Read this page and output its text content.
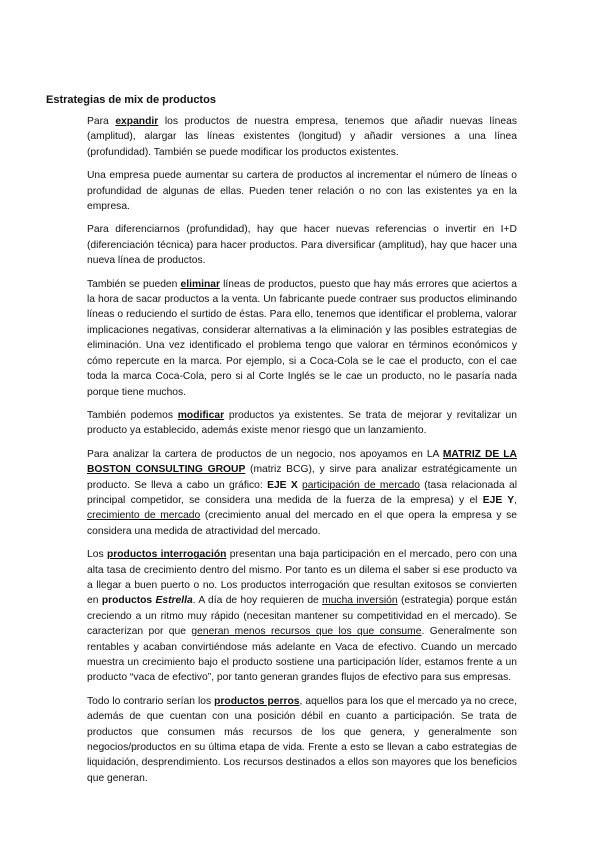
Estrategias de mix de productos

Para expandir los productos de nuestra empresa, tenemos que añadir nuevas líneas (amplitud), alargar las líneas existentes (longitud) y añadir versiones a una línea (profundidad). También se puede modificar los productos existentes.

Una empresa puede aumentar su cartera de productos al incrementar el número de líneas o profundidad de algunas de ellas. Pueden tener relación o no con las existentes ya en la empresa.

Para diferenciarnos (profundidad), hay que hacer nuevas referencias o invertir en I+D (diferenciación técnica) para hacer productos. Para diversificar (amplitud), hay que hacer una nueva línea de productos.

También se pueden eliminar líneas de productos, puesto que hay más errores que aciertos a la hora de sacar productos a la venta. Un fabricante puede contraer sus productos eliminando líneas o reduciendo el surtido de éstas. Para ello, tenemos que identificar el problema, valorar implicaciones negativas, considerar alternativas a la eliminación y las posibles estrategias de eliminación. Una vez identificado el problema tengo que valorar en términos económicos y cómo repercute en la marca. Por ejemplo, si a Coca-Cola se le cae el producto, con el cae toda la marca Coca-Cola, pero si al Corte Inglés se le cae un producto, no le pasaría nada porque tiene muchos.

También podemos modificar productos ya existentes. Se trata de mejorar y revitalizar un producto ya establecido, además existe menor riesgo que un lanzamiento.

Para analizar la cartera de productos de un negocio, nos apoyamos en LA MATRIZ DE LA BOSTON CONSULTING GROUP (matriz BCG), y sirve para analizar estratégicamente un producto. Se lleva a cabo un gráfico: EJE X participación de mercado (tasa relacionada al principal competidor, se considera una medida de la fuerza de la empresa) y el EJE Y, crecimiento de mercado (crecimiento anual del mercado en el que opera la empresa y se considera una medida de atractividad del mercado.

Los productos interrogación presentan una baja participación en el mercado, pero con una alta tasa de crecimiento dentro del mismo. Por tanto es un dilema el saber si ese producto va a llegar a buen puerto o no. Los productos interrogación que resultan exitosos se convierten en productos Estrella. A día de hoy requieren de mucha inversión (estrategia) porque están creciendo a un ritmo muy rápido (necesitan mantener su competitividad en el mercado). Se caracterizan por que generan menos recursos que los que consume. Generalmente son rentables y acaban convirtiéndose más adelante en Vaca de efectivo. Cuando un mercado muestra un crecimiento bajo el producto sostiene una participación líder, estamos frente a un producto “vaca de efectivo”, por tanto generan grandes flujos de efectivo para sus empresas.

Todo lo contrario serían los productos perros, aquellos para los que el mercado ya no crece, además de que cuentan con una posición débil en cuanto a participación. Se trata de productos que consumen más recursos de los que genera, y generalmente son negocios/productos en su última etapa de vida. Frente a esto se llevan a cabo estrategias de liquidación, desprendimiento. Los recursos destinados a ellos son mayores que los beneficios que generan.
